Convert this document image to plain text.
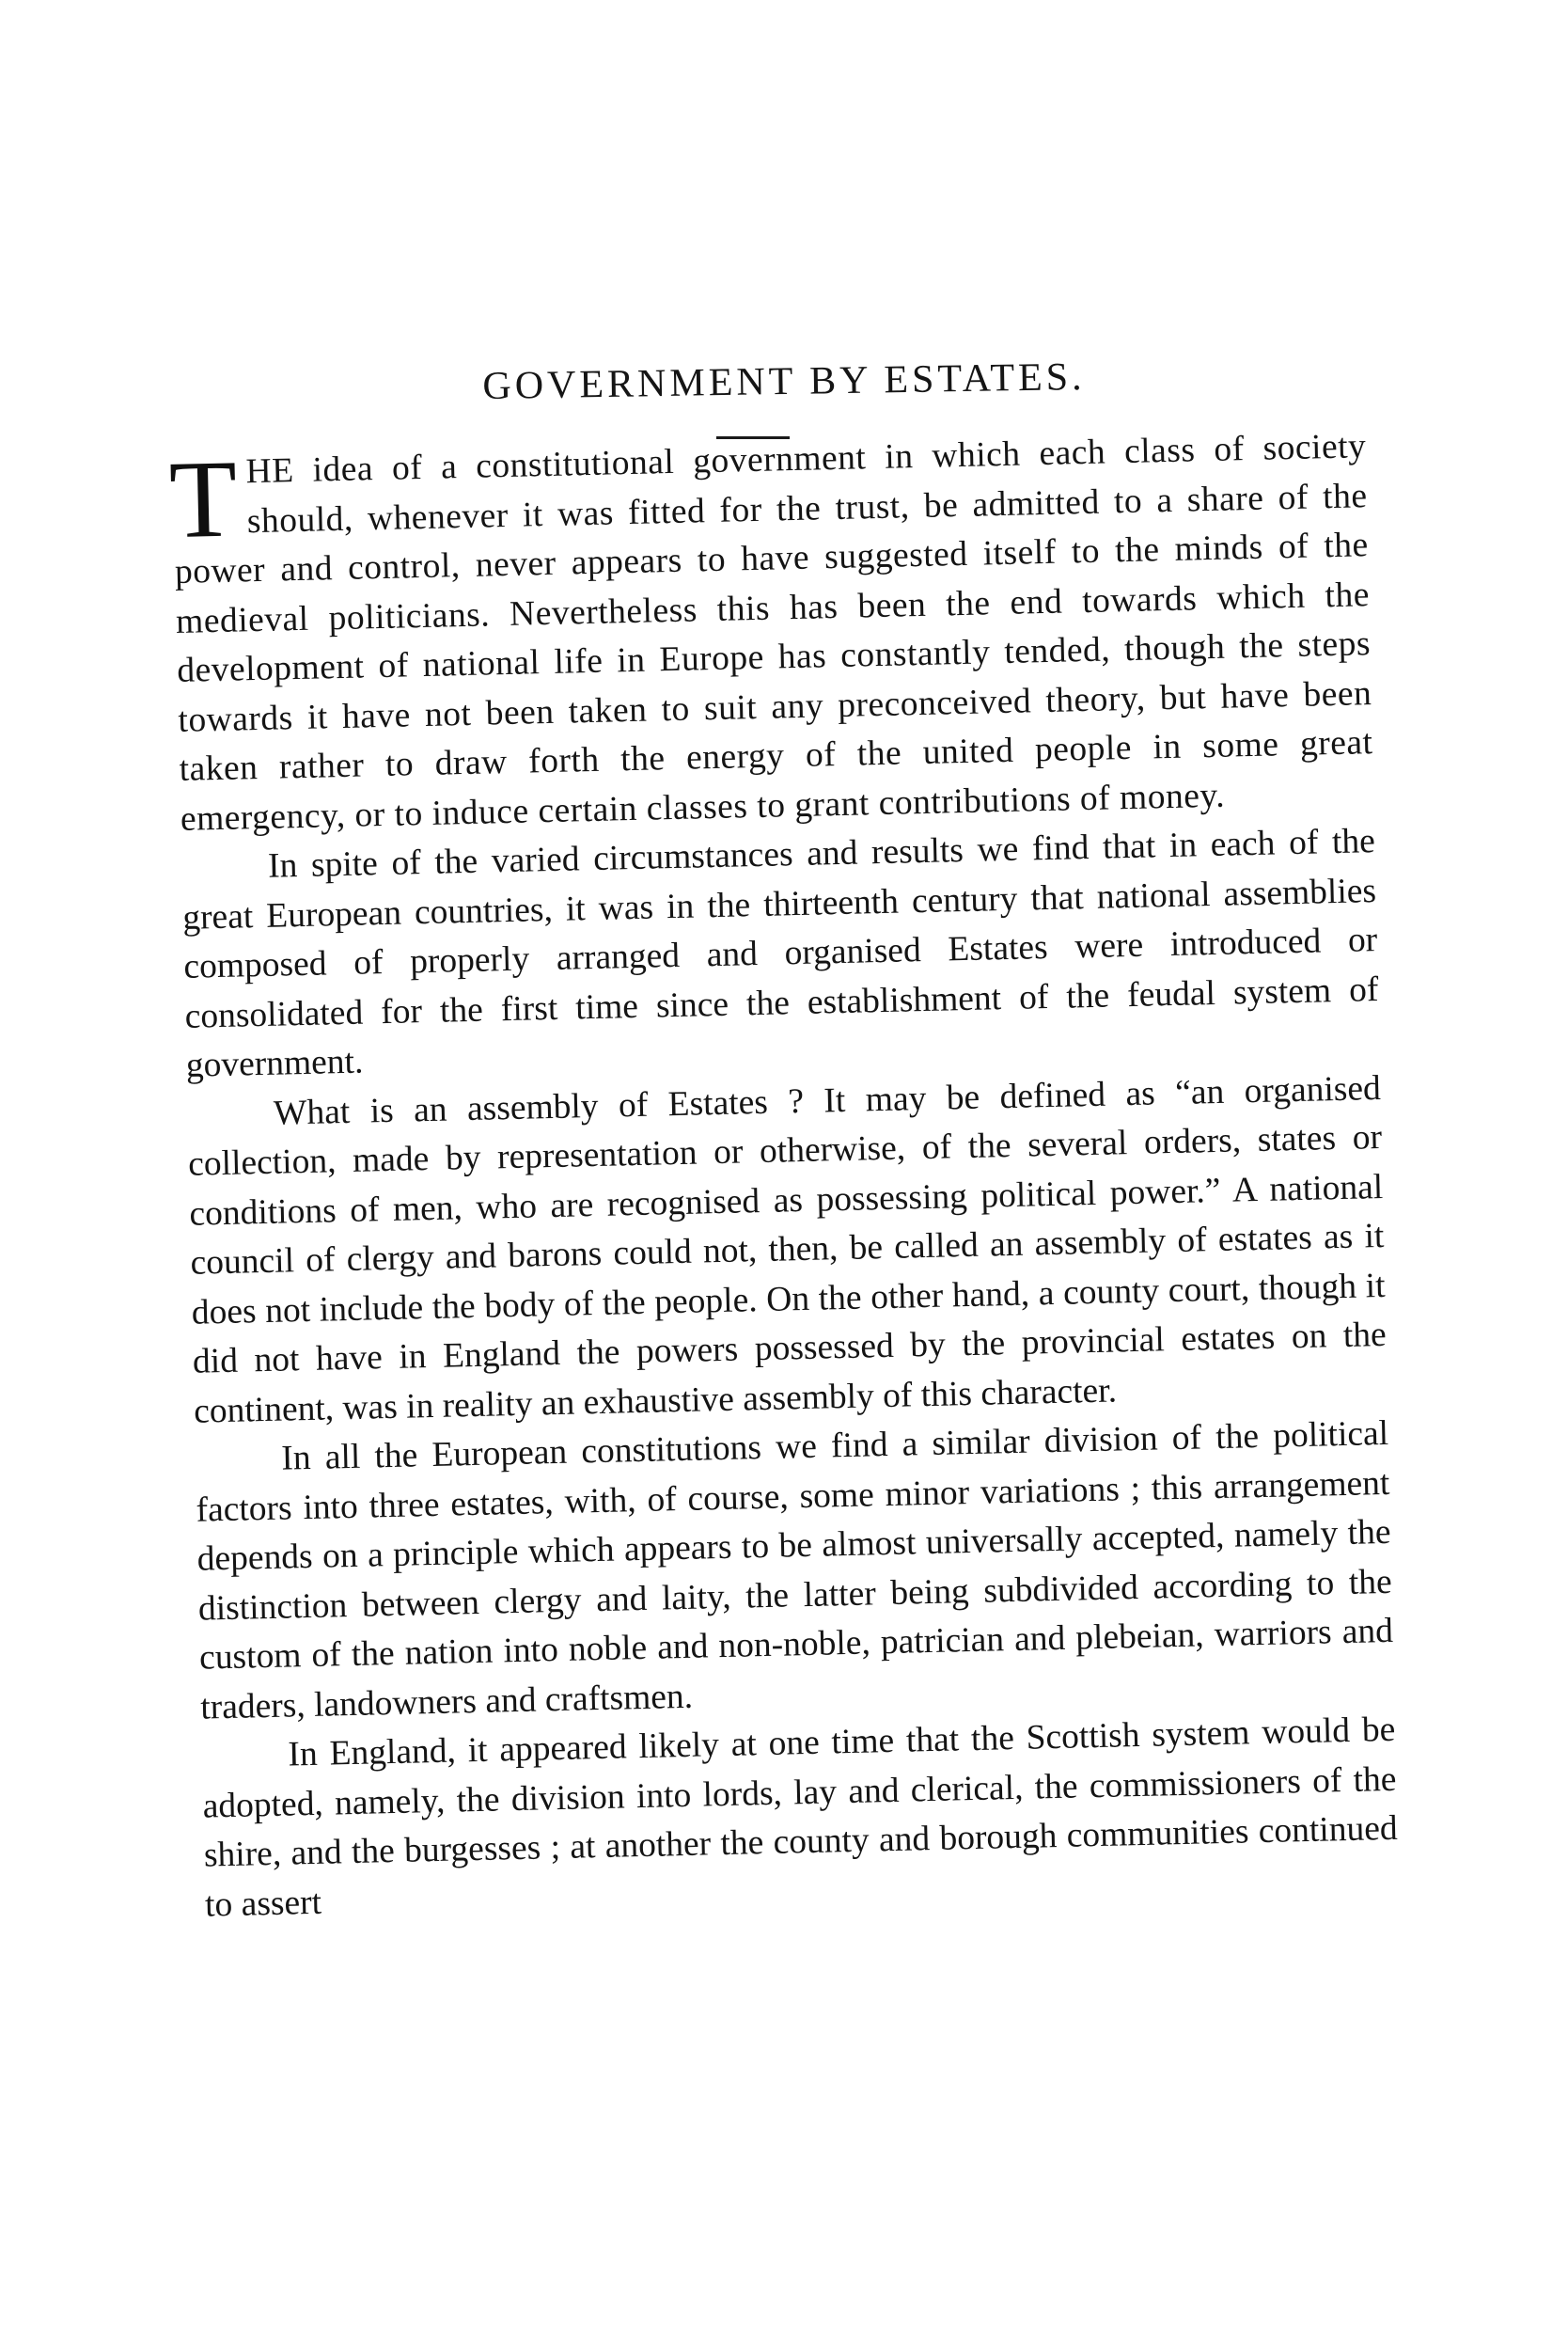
GOVERNMENT BY ESTATES.

THE idea of a constitutional government in which each class of society should, whenever it was fitted for the trust, be admitted to a share of the power and control, never appears to have suggested itself to the minds of the medieval politicians. Nevertheless this has been the end towards which the development of national life in Europe has constantly tended, though the steps towards it have not been taken to suit any preconceived theory, but have been taken rather to draw forth the energy of the united people in some great emergency, or to induce certain classes to grant contributions of money.

In spite of the varied circumstances and results we find that in each of the great European countries, it was in the thirteenth century that national assemblies composed of properly arranged and organised Estates were introduced or consolidated for the first time since the establishment of the feudal system of government.

What is an assembly of Estates ? It may be defined as “an organised collection, made by representation or otherwise, of the several orders, states or conditions of men, who are recognised as possessing political power.” A national council of clergy and barons could not, then, be called an assembly of estates as it does not include the body of the people. On the other hand, a county court, though it did not have in England the powers possessed by the provincial estates on the continent, was in reality an exhaustive assembly of this character.

In all the European constitutions we find a similar division of the political factors into three estates, with, of course, some minor variations ; this arrangement depends on a principle which appears to be almost universally accepted, namely the distinction between clergy and laity, the latter being subdivided according to the custom of the nation into noble and non-noble, patrician and plebeian, warriors and traders, landowners and craftsmen.

In England, it appeared likely at one time that the Scottish system would be adopted, namely, the division into lords, lay and clerical, the commissioners of the shire, and the burgesses ; at another the county and borough communities continued to assert
